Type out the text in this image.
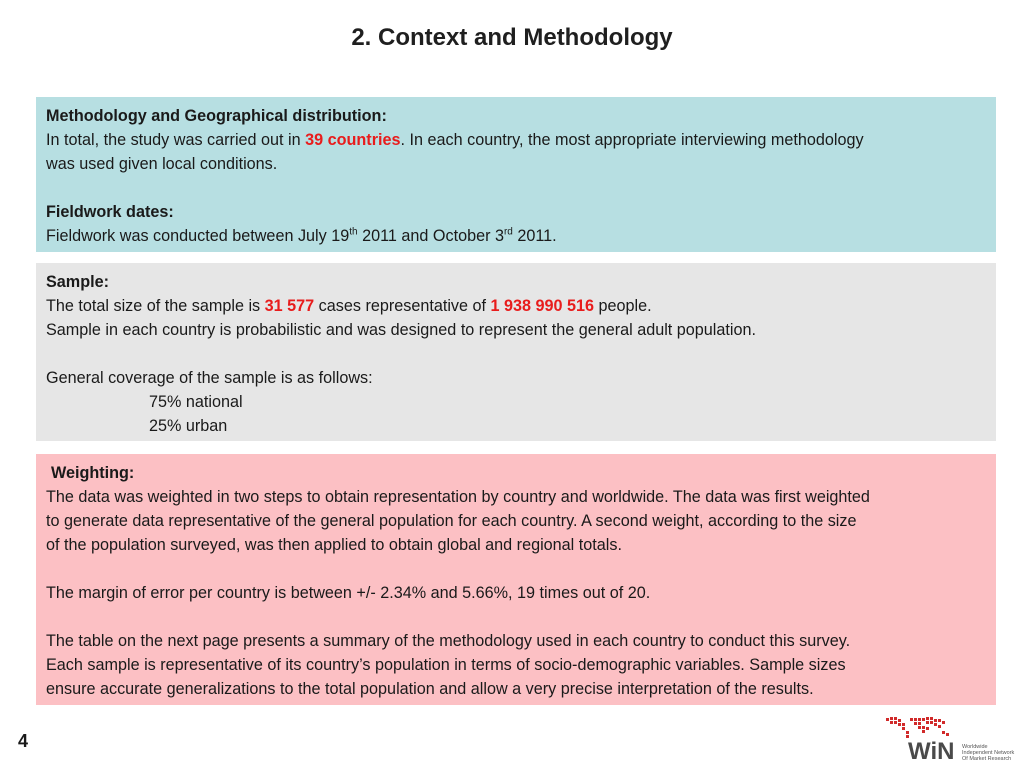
2. Context and Methodology
Methodology and Geographical distribution:
In total, the study was carried out in 39 countries. In each country, the most appropriate interviewing methodology
was used given local conditions.
Fieldwork dates:
Fieldwork was conducted between July 19th 2011 and October 3rd 2011.
Sample:
The total size of the sample is 31 577 cases representative of 1 938 990 516 people.
Sample in each country is probabilistic and was designed to represent the general adult population.
General coverage of the sample is as follows:
75% national
25% urban
Weighting:
The data was weighted in two steps to obtain representation by country and worldwide. The data was first weighted
to generate data representative of the general population for each country. A second weight, according to the size
of the population surveyed, was then applied to obtain global and regional totals.
The margin of error per country is between +/- 2.34% and 5.66%, 19 times out of 20.
The table on the next page presents a summary of the methodology used in each country to conduct this survey.
Each sample is representative of its country’s population in terms of socio-demographic variables. Sample sizes
ensure accurate generalizations to the total population and allow a very precise interpretation of the results.
4	WiN Worldwide
Independent Network
Of Market Research
